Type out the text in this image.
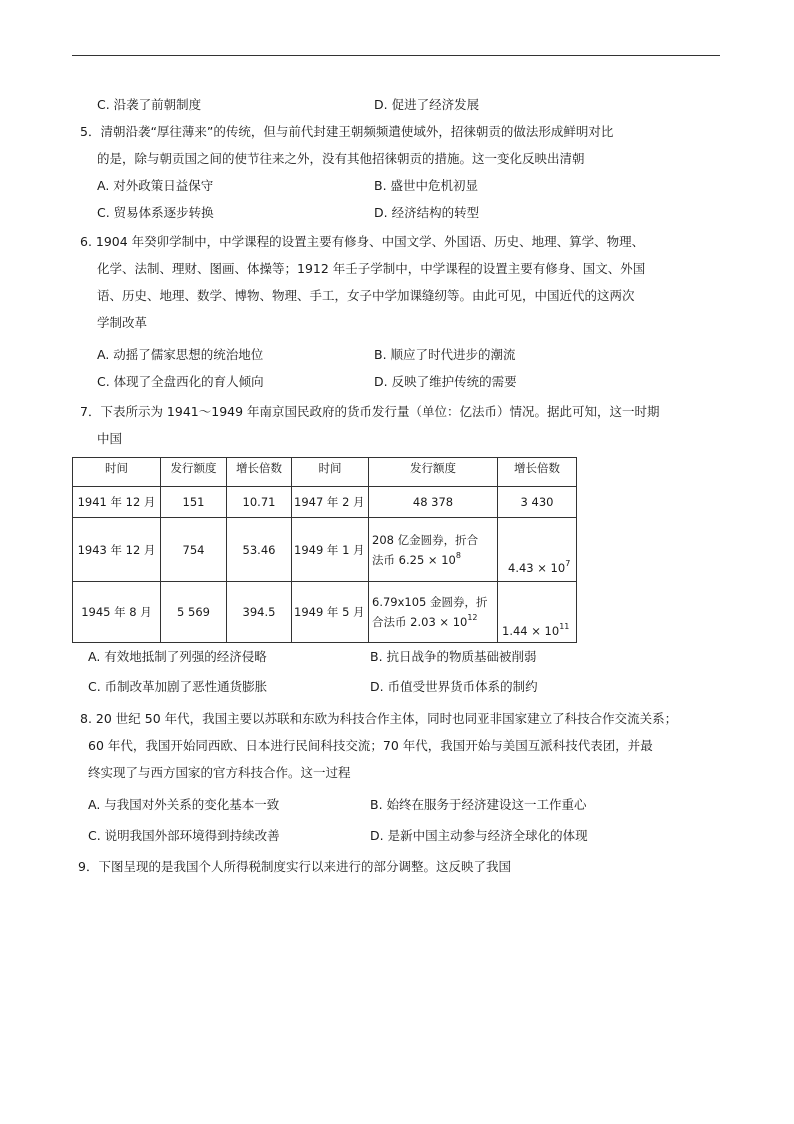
C. 沿袭了前朝制度	D. 促进了经济发展
5．清朝沿袭“厚往薄来”的传统，但与前代封建王朝频频遣使域外，招徕朝贡的做法形成鲜明对比
的是，除与朝贡国之间的使节往来之外，没有其他招徕朝贡的措施。这一变化反映出清朝
A. 对外政策日益保守	B. 盛世中危机初显
C. 贸易体系逐步转换	D. 经济结构的转型
6. 1904 年癸卯学制中，中学课程的设置主要有修身、中国文学、外国语、历史、地理、算学、物理、
化学、法制、理财、图画、体操等；1912 年壬子学制中，中学课程的设置主要有修身、国文、外国
语、历史、地理、数学、博物、物理、手工，女子中学加课缝纫等。由此可见，中国近代的这两次
学制改革
A. 动摇了儒家思想的统治地位	B. 顺应了时代进步的潮流
C. 体现了全盘西化的育人倾向	D. 反映了维护传统的需要
7．下表所示为 1941～1949 年南京国民政府的货币发行量（单位：亿法币）情况。据此可知，这一时期
中国
时间	发行额度	增长倍数	时间	发行额度	增长倍数
1941 年 12 月	151	10.71	1947 年 2 月	48 378	3 430
1943 年 12 月	754	53.46	1949 年 1 月	208 亿金圆券，折合
法币 $6.25 \times 10^8$	$4.43 \times 10^7$
1945 年 8 月	5 569	394.5	1949 年 5 月	6.79x105 金圆券，折
合法币 $2.03 \times 10^{12}$	$1.44 \times 10^{11}$
A. 有效地抵制了列强的经济侵略	B. 抗日战争的物质基础被削弱
C. 币制改革加剧了恶性通货膨胀	D. 币值受世界货币体系的制约
8. 20 世纪 50 年代，我国主要以苏联和东欧为科技合作主体，同时也同亚非国家建立了科技合作交流关系；
60 年代，我国开始同西欧、日本进行民间科技交流；70 年代，我国开始与美国互派科技代表团，并最
终实现了与西方国家的官方科技合作。这一过程
A. 与我国对外关系的变化基本一致	B. 始终在服务于经济建设这一工作重心
C. 说明我国外部环境得到持续改善	D. 是新中国主动参与经济全球化的体现
9．下图呈现的是我国个人所得税制度实行以来进行的部分调整。这反映了我国
